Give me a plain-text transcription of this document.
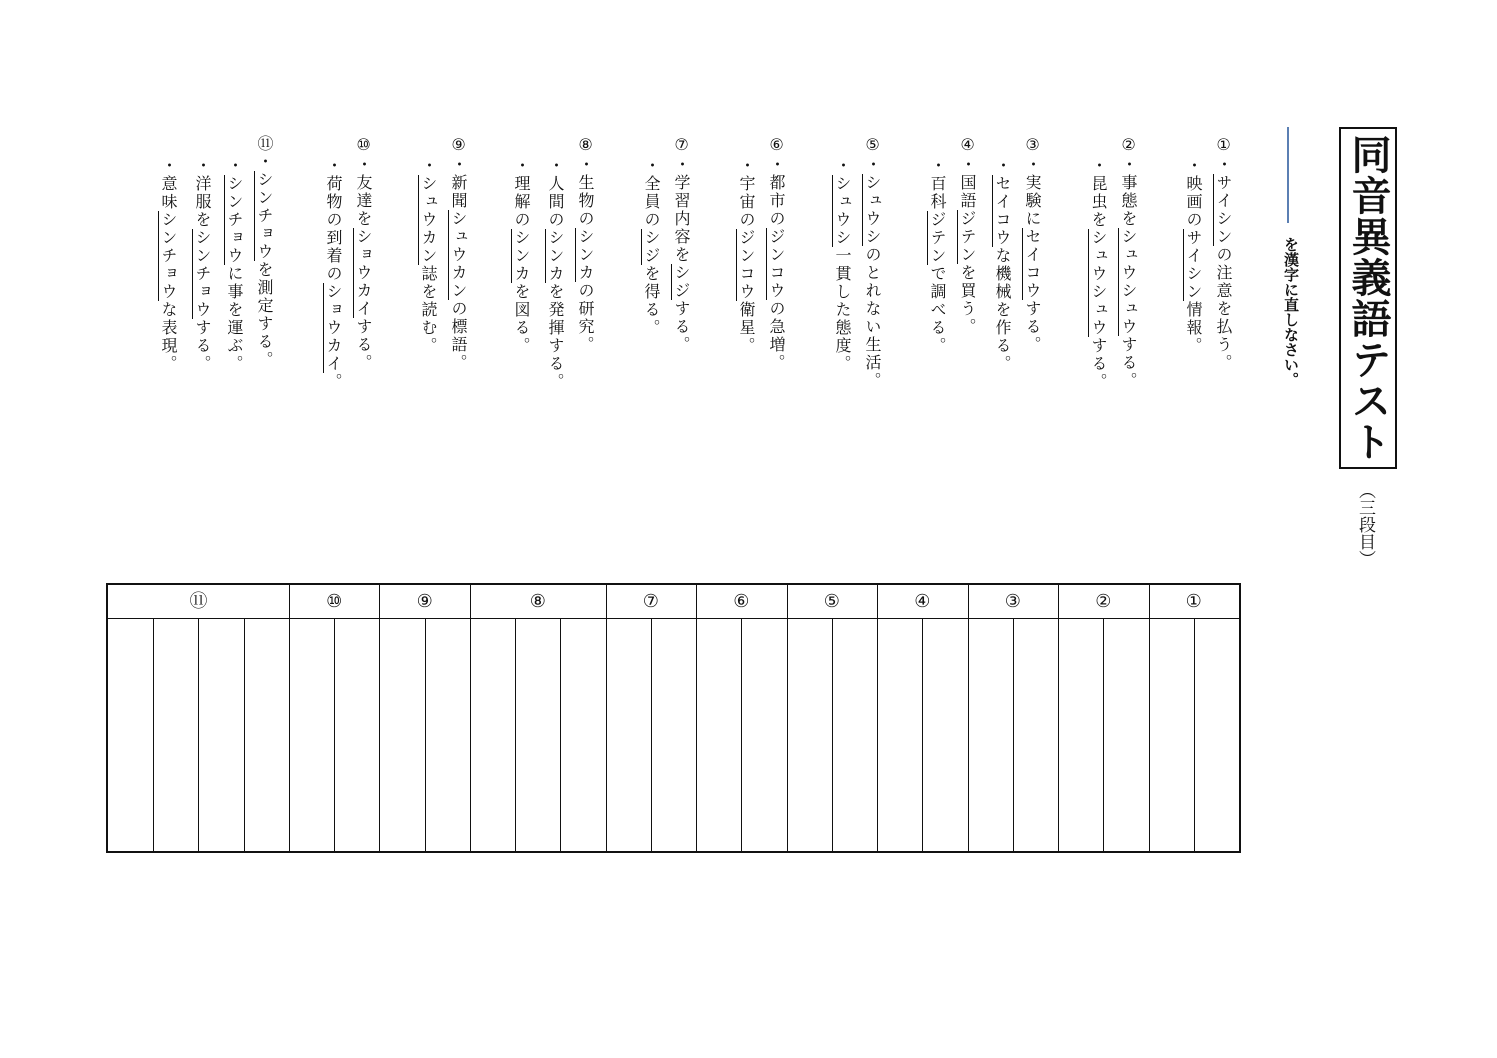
同音異義語テスト
（三段目）
を漢字に直しなさい。
①・サイシンの注意を払う。
・映画のサイシン情報。
②・事態をシュウシュウする。
・昆虫をシュウシュウする。
③・実験にセイコウする。
・セイコウな機械を作る。
④・国語ジテンを買う。
・百科ジテンで調べる。
⑤・シュウシのとれない生活。
・シュウシ一貫した態度。
⑥・都市のジンコウの急増。
・宇宙のジンコウ衛星。
⑦・学習内容をシジする。
・全員のシジを得る。
⑧・生物のシンカの研究。
・人間のシンカを発揮する。
・理解のシンカを図る。
⑨・新聞シュウカンの標語。
・シュウカン誌を読む。
⑩・友達をショウカイする。
・荷物の到着のショウカイ。
⑪・シンチョウを測定する。
・シンチョウに事を運ぶ。
・洋服をシンチョウする。
・意味シンチョウな表現。
⑪	⑩	⑨	⑧	⑦	⑥	⑤	④	③	②	①
